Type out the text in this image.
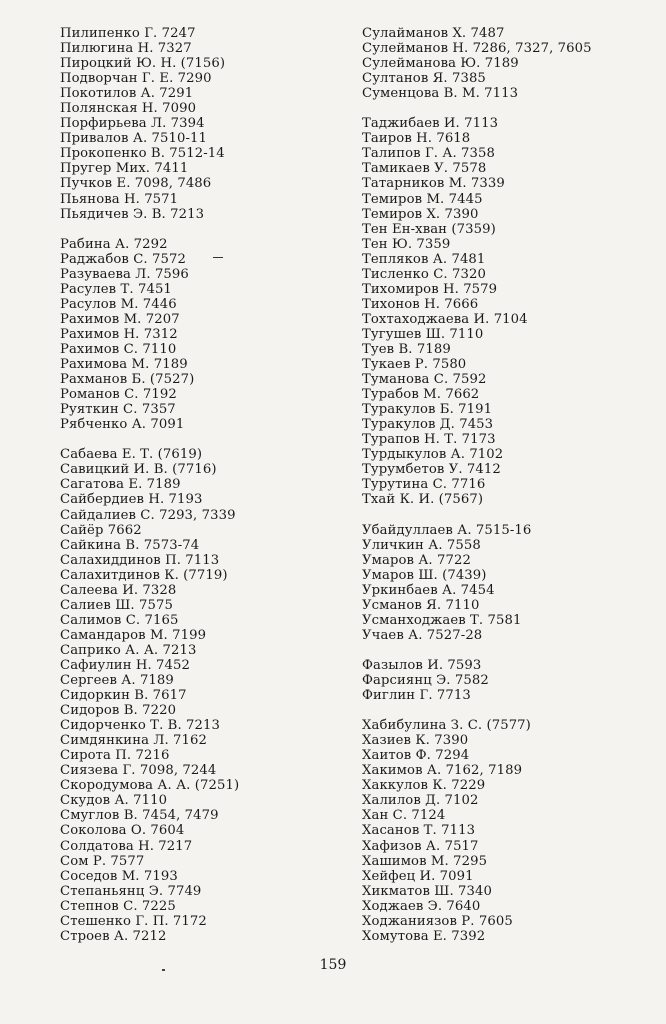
Пилипенко Г. 7247
Пилюгина Н. 7327
Пироцкий Ю. Н. (7156)
Подворчан Г. Е. 7290
Покотилов А. 7291
Полянская Н. 7090
Порфирьева Л. 7394
Привалов А. 7510-11
Прокопенко В. 7512-14
Пругер Мих. 7411
Пучков Е. 7098, 7486
Пьянова Н. 7571
Пьядичев Э. В. 7213
Рабина А. 7292
Раджабов С. 7572
Разуваева Л. 7596
Расулев Т. 7451
Расулов М. 7446
Рахимов М. 7207
Рахимов Н. 7312
Рахимов С. 7110
Рахимова М. 7189
Рахманов Б. (7527)
Романов С. 7192
Руяткин С. 7357
Рябченко А. 7091
Сабаева Е. Т. (7619)
Савицкий И. В. (7716)
Сагатова Е. 7189
Сайбердиев Н. 7193
Сайдалиев С. 7293, 7339
Сайёр 7662
Сайкина В. 7573-74
Салахиддинов П. 7113
Салахитдинов К. (7719)
Салеева И. 7328
Салиев Ш. 7575
Салимов С. 7165
Самандаров М. 7199
Саприко А. А. 7213
Сафиулин Н. 7452
Сергеев А. 7189
Сидоркин В. 7617
Сидоров В. 7220
Сидорченко Т. В. 7213
Симдянкина Л. 7162
Сирота П. 7216
Сиязева Г. 7098, 7244
Скородумова А. А. (7251)
Скудов А. 7110
Смуглов В. 7454, 7479
Соколова О. 7604
Солдатова Н. 7217
Сом Р. 7577
Соседов М. 7193
Степаньянц Э. 7749
Степнов С. 7225
Стешенко Г. П. 7172
Строев А. 7212
Сулайманов Х. 7487
Сулейманов Н. 7286, 7327, 7605
Сулейманова Ю. 7189
Султанов Я. 7385
Суменцова В. М. 7113
Таджибаев И. 7113
Таиров Н. 7618
Талипов Г. А. 7358
Тамикаев У. 7578
Татарников М. 7339
Темиров М. 7445
Темиров Х. 7390
Тен Ен-хван (7359)
Тен Ю. 7359
Тепляков А. 7481
Тисленко С. 7320
Тихомиров Н. 7579
Тихонов Н. 7666
Тохтаходжаева И. 7104
Тугушев Ш. 7110
Туев В. 7189
Тукаев Р. 7580
Туманова С. 7592
Турабов М. 7662
Туракулов Б. 7191
Туракулов Д. 7453
Турапов Н. Т. 7173
Турдыкулов А. 7102
Турумбетов У. 7412
Турутина С. 7716
Тхай К. И. (7567)
Убайдуллаев А. 7515-16
Уличкин А. 7558
Умаров А. 7722
Умаров Ш. (7439)
Уркинбаев А. 7454
Усманов Я. 7110
Усманходжаев Т. 7581
Учаев А. 7527-28
Фазылов И. 7593
Фарсиянц Э. 7582
Фиглин Г. 7713
Хабибулина З. С. (7577)
Хазиев К. 7390
Хаитов Ф. 7294
Хакимов А. 7162, 7189
Хаккулов К. 7229
Халилов Д. 7102
Хан С. 7124
Хасанов Т. 7113
Хафизов А. 7517
Хашимов М. 7295
Хейфец И. 7091
Хикматов Ш. 7340
Ходжаев Э. 7640
Ходжаниязов Р. 7605
Хомутова Е. 7392
159
